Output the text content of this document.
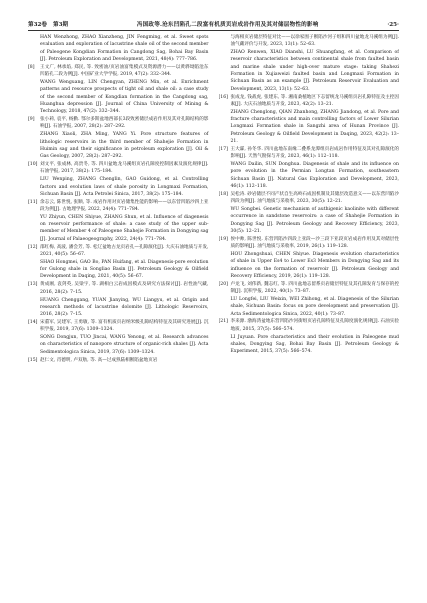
第32卷 第3期	冯国政等.沧东凹陷孔二段富有机质页岩成岩作用及其对储层物性的影响	·25·
HAN Wenzhong, ZHAO Xianzheng, JIN Fengming, et al. Sweet spots evaluation and exploration of lacustrine shale oil of the second member of Paleogene Kongdian Formation in Cangdong Sag, Bohai Bay Basin [J]. Petroleum Exploration and Development, 2021, 48(4): 777–786.
[8]	王文广, 林承焰, 郑民, 等. 致密油/页岩油富集模式及资源潜力——以黄骅坳陷沧东凹陷孔二段为例[J]. 中国矿业大学学报, 2019, 47(2): 332–344.
WANG Wenguang, LIN Chengyan, ZHENG Min, et al. Enrichment patterns and resource prospects of tight oil and shale oil: a case study of the second member of Kongdian formation in the Cangdong sag, Huanghua depression [J]. Journal of China University of Mining & Technology, 2018, 47(2): 332–344.
[9]	张小莉, 袁平, 杨勤. 鄂尔多斯盆地西部长3段致密储层成岩作用及其对孔隙结构的影响[J]. 石油学报, 2007, 28(2): 287–292.
ZHANG Xiaoli, ZHA Ming, YANG Yi. Pore structure features of lithologic reservoirs in the third member of Shahejie Formation in Huimin sag and their significance in petroleum exploration [J]. Oil & Gas Geology, 2007, 28(2): 287–292.
[10] 刘文平, 张成林, 高贵冬, 等. 四川盆地龙马溪组页岩孔隙度控制因素及演化规律[J]. 石油学报, 2017, 38(2): 175–184.
LIU Wenping, ZHANG Chenglin, GAO Guidong, et al. Controlling factors and evolution laws of shale porosity in Longmaxi Formation, Sichuan Basin [J]. Acta Petrolei Sinica, 2017, 38(2): 175–184.
[11] 余志云, 陈世悦, 张顺, 等. 成岩作用对页岩储集性能的影响——以东营凹陷沙四上亚段为例[J]. 古地理学报, 2022, 24(4): 771–784.
YU Zhiyun, CHEN Shiyue, ZHANG Shun, et al. Influence of diagenesis on reservoir performance of shale: a case study of the upper sub-member of Member 4 of Paleogene Shahejie Formation in Dongying sag [J]. Journal of Palaeogeography, 2022, 24(4): 771–784.
[12] 邵红梅, 高波, 潘会芳, 等. 松辽盆地古龙页岩孔—孔隙演化[J]. 大庆石油地质与开发, 2021, 40(5): 56–67.
SHAO Hongmei, GAO Bo, PAN Huifang, et al. Diagenesis-pore evolution for Gulong shale in Songliao Basin [J]. Petroleum Geology & Oilfield Development in Daqing, 2021, 40(5): 56–67.
[13] 黄成刚, 袁剑英, 吴梁宇, 等. 湖相白云岩成因模式及研究方法探讨[J]. 岩性油气藏, 2016, 28(2): 7–15.
HUANG Chenggang, YUAN Jianying, WU Liangyu, et al. Origin and research methods of lacustrine dolomite [J]. Lithologic Reservoirs, 2016, 28(2): 7–15.
[14] 宋董军, 吴建军, 王勇敏, 等. 富有机质页岩纳米级孔隙结构特征及其研究进展[J]. 沉积学报, 2019, 37(6): 1309–1324.
SONG Dongjun, TUO Jincai, WANG Yenong, et al. Research advances on characteristics of nanopore structure of organic-rich shales [J]. Acta Sedimentologica Sinica, 2019, 37(6): 1309–1324.
[15] 赵仁文, 肖德明, 卢双舫, 等. 高—过成熟陆相断陷盆地页岩
与海相页岩储层特征对比——以徐家围子断陷沙河子组和四川盆地龙马溪组为例[J]. 油气藏评价与开发, 2023, 13(1): 52–63.
ZHAO Renwen, XIAO Dianshi, LU Shuangfang, et al. Comparison of reservoir characteristics between continental shale from faulted basin and marine shale under high-over mature stage: taking Shahezi Formation in Xujiaweizi faulted basin and Longmaxi Formation in Sichuan Basin as an example [J]. Petroleum Reservoir Evaluation and Development, 2023, 13(1): 52–63.
[16] 张成龙, 钱战虎, 张建东, 等. 湘南桑植地区下志留统龙马溪组页岩孔隙特征及主控因素[J]. 大庆石油地质与开发, 2023, 42(2): 13–21.
ZHANG Chenglong, QIAN Zhanhong, ZHANG Jiandong, et al. Pore and fracture characteristics and main controlling factors of Lower Silurian Longmaxi Formation shale in Sangzhi area of Hunan Province [J]. Petroleum Geology & Oilfield Development in Daqing, 2023, 42(2): 13–21.
[17] 王大霖, 孙冬华. 四川盆地东南缘二叠系龙潭组页岩成岩作用特征及其对孔隙演化的影响[J]. 天然气勘探与开发, 2023, 46(1): 112–118.
WANG Dailin, SUN Donghua. Diagenesis of shale and its influence on pore evolution in the Permian Longtan Formation, southeastern Sichuan Basin [J]. Natural Gas Exploration and Development, 2023, 46(1): 112–118.
[18] 吴松涛. 砂岩储层不同产状自生高岭石成因机制及其储层改造意义——以东营凹陷沙四段为例[J]. 油气地质与采收率, 2023, 30(5): 12–21.
WU Songbei. Genetic mechanism of authigenic kaolinite with different occurrence in sandstone reservoirs: a case of Shahejie Formation in Dongying Sag [J]. Petroleum Geology and Recovery Efficiency, 2023, 30(5): 12–21.
[19] 侯中帅, 陈世悦. 东营凹陷沙四段上亚段—沙三段下亚段页岩成岩作用及其对储层性质的影响[J]. 油气地质与采收率, 2019, 26(1): 119–128.
HOU Zhongshuai, CHEN Shiyue. Diagenesis evolution characteristics of shale in Upper Es4 to Lower Es3 Members in Dongying Sag and its influence on the formation of reservoir [J]. Petroleum Geology and Recovery Efficiency, 2019, 26(1): 119–128.
[20] 卢龙飞, 刘伟新, 魏志红, 等. 四川盆地志留系页岩储层特征及其孔隙发育与保存的控制[J]. 沉积学报, 2022, 40(1): 73–87.
LU Longfei, LIU Weixin, WEI Zhihong, et al. Diagenesis of the Silurian shale, Sichuan Basin: focus on pore development and preservation [J]. Acta Sedimentologica Sinica, 2022, 40(1): 73–87.
[21] 李来源. 渤海湾盆地东营凹陷沙河街组页岩孔隙特征及孔隙度演化规律[J]. 石油实验地质, 2015, 37(5): 566–574.
LI Juyuan. Pore characteristics and their evolution in Paleogene mud shales, Dongying Sag, Bohai Bay Basin [J]. Petroleum Geology & Experiment, 2015, 37(5): 566–574.
